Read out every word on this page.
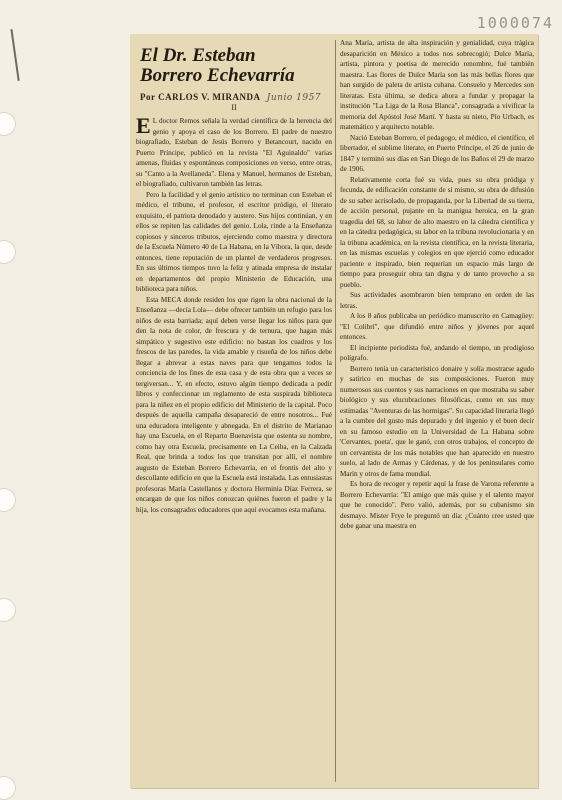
1000074
El Dr. Esteban
Borrero Echevarría
Por CARLOS V. MIRANDA Junio 1957
II

E L doctor Remos señala la verdad científica de la herencia del genio y apoya el caso de los Borrero. El padre de nuestro biografiado, Esteban de Jesús Borrero y Betancourt, nacido en Puerto Príncipe, publicó en la revista "El Aguinaldo" varias amenas, fluidas y espontáneas composiciones en verso, entre otras, su "Canto a la Avellaneda". Elena y Manuel, hermanos de Esteban, el biografiado, cultivaron también las letras.

Pero la facilidad y el genio artístico no terminan con Esteban el médico, el tribuno, el profesor, el escritor pródigo, el literato exquisito, el patriota denodado y austero. Sus hijos continúan, y en ellos se repiten las calidades del genio. Lola, rinde a la Enseñanza copiosos y sinceros tributos, ejerciendo como maestra y directora de la Escuela Número 40 de La Habana, en la Víbora, la que, desde entonces, tiene reputación de un plantel de verdaderos progresos. En sus últimos tiempos tuvo la feliz y atinada empresa de instalar en departamentos del propio Ministerio de Educación, una biblioteca para niños.

Esta MECA donde residen los que rigen la obra nacional de la Enseñanza —decía Lola— debe ofrecer también un refugio para los niños de esta barriada; aquí deben verse llegar los niños para que den la nota de color, de frescura y de ternura, que hagan más simpático y sugestivo este edificio: no bastan los cuadros y los frescos de las paredes, la vida amable y risueña de los niños debe llegar a abrevar a estas naves para que tengamos todos la conciencia de los fines de esta casa y de esta obra que a veces se tergiversan... Y, en efecto, estuvo algún tiempo dedicada a pedir libros y confeccionar un reglamento de esta suspirada biblioteca para la niñez en el propio edificio del Ministerio de la capital. Poco después de aquella campaña desapareció de entre nosotros... Fué una educadora inteligente y abnegada. En el distrito de Marianao hay una Escuela, en el Reparto Buenavista que ostenta su nombre, como hay otra Escuela, precisamente en La Ceiba, en la Calzada Real, que brinda a todos los que transitan por allí, el nombre augusto de Esteban Borrero Echevarría, en el frontis del alto y descollante edificio en que la Escuela está instalada. Las entusiastas profesoras María Castellanos y doctora Herminia Díaz Ferrera, se encargan de que los niños conozcan quiénes fueron el padre y la hija, los consagrados educadores que aquí evocamos esta mañana.

Ana María, artista de alta inspiración y genialidad, cuya trágica desaparición en México a todos nos sobrecogió; Dulce María, artista, pintora y poetisa de merecido renombre, fué también maestra. Las flores de Dulce María son las más bellas flores que han surgido de paleta de artista cubana. Consuelo y Mercedes son literatas. Esta última, se dedica ahora a fundar y propagar la institución "La Liga de la Rosa Blanca", consagrada a vivificar la memoria del Apóstol José Martí. Y hasta su nieto, Pío Urbach, es matemático y arquitecto notable.

Nació Esteban Borrero, el pedagogo, el médico, el científico, el libertador, el sublime literato, en Puerto Príncipe, el 26 de junio de 1847 y terminó sus días en San Diego de los Baños el 29 de marzo de 1906.

Relativamente corta fué su vida, pues su obra pródiga y fecunda, de edificación constante de sí mismo, su obra de difusión de su saber acrisolado, de propaganda, por la Libertad de su tierra, de acción personal, pujante en la manigua heroica, en la gran tragedia del 68, su labor de alto maestro en la cátedra científica y en la cátedra pedagógica, su labor en la tribuna revolucionaria y en la tribuna académica, en la revista científica, en la revista literaria, en las mismas escuelas y colegios en que ejerció como educador paciente e inspirado, bien requerían un espacio más largo de tiempo para proseguir obra tan digna y de tanto provecho a su pueblo.

Sus actividades asombraron bien temprano en orden de las letras.

A los 8 años publicaba un periódico manuscrito en Camagüey: "El Colibrí", que difundió entre niños y jóvenes por aquel entonces.

El incipiente periodista fué, andando el tiempo, un prodigioso polígrafo.

Borrero tenía un característico donaire y solía mostrarse agudo y satírico en muchas de sus composiciones. Fueron muy numerosos sus cuentos y sus narraciones en que mostraba su saber biológico y sus elucubraciones filosóficas, como en sus muy estimadas "Aventuras de las hormigas". Su capacidad literaria llegó a la cumbre del gusto más depurado y del ingenio y el buen decir en su famoso estudio en la Universidad de La Habana sobre 'Cervantes, poeta', que le ganó, con otros trabajos, el concepto de un cervantista de los más notables que han aparecido en nuestro suelo, al lado de Armas y Cárdenas, y de los peninsulares como Marín y otros de fama mundial.

Es hora de recoger y repetir aquí la frase de Varona referente a Borrero Echevarría: "El amigo que más quise y el talento mayor que he conocido". Pero valió, además, por su cubanismo sin desmayo. Mister Frye le preguntó un día: ¿Cuánto cree usted que debe ganar una maestra en
